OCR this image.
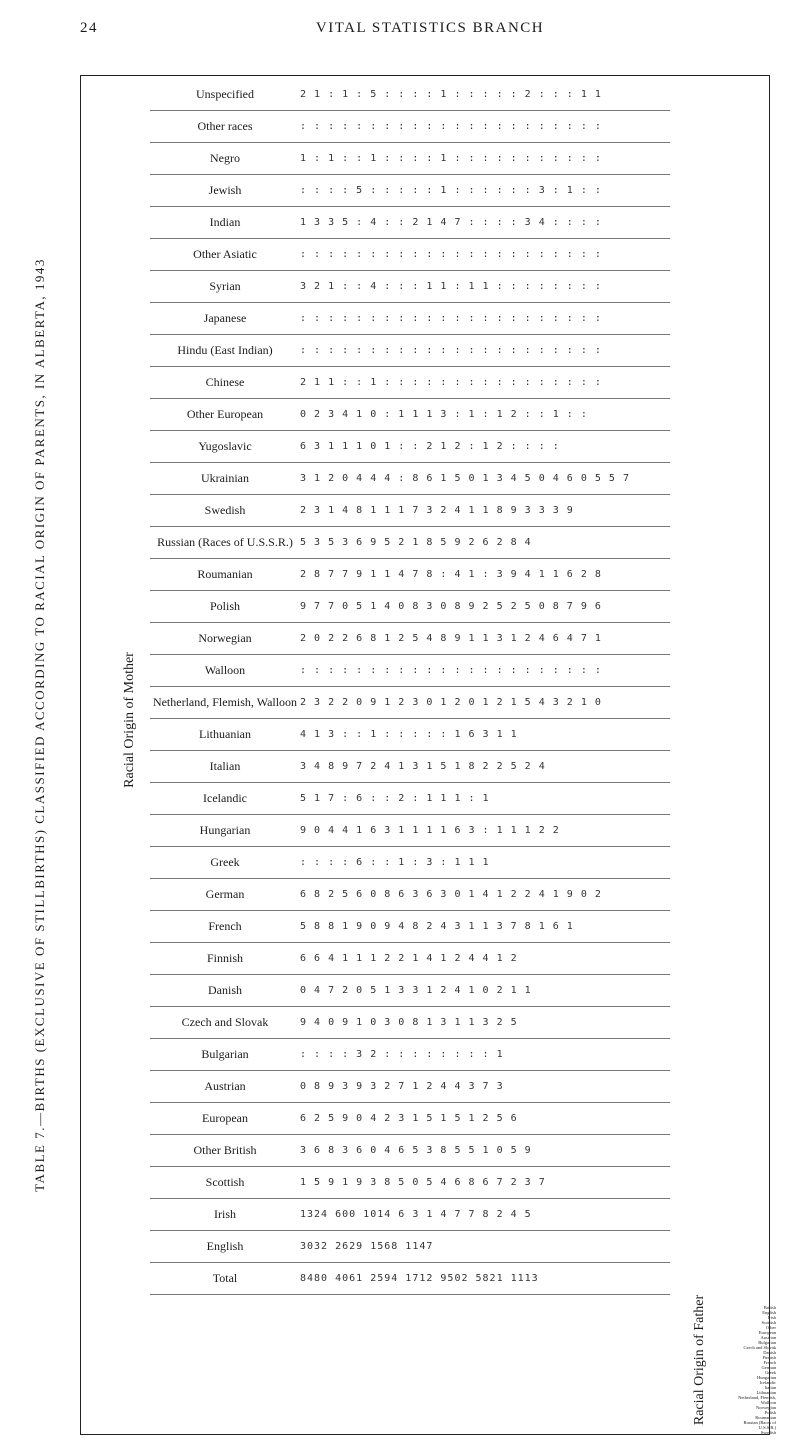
TABLE 7.—BIRTHS (EXCLUSIVE OF STILLBIRTHS) CLASSIFIED ACCORDING TO RACIAL ORIGIN OF PARENTS, IN ALBERTA, 1943
24	VITAL STATISTICS BRANCH
Racial Origin of Mother
Racial Origin of Father
Unspecified	2 1 : 1 : 5 : : : : 1 : : : : : 2 : : : 1 1
Other races	: : : : : : : : : : : : : : : : : : : : : :
Negro	1 : 1 : : 1 : : : : 1 : : : : : : : : : : :
Jewish	: : : : 5 : : : : : 1 : : : : : : 3 : 1 : :
Indian	1 3 3 5 : 4 : : 2 1 4 7 : : : : 3 4 : : : :
Other Asiatic	: : : : : : : : : : : : : : : : : : : : : :
Syrian	3 2 1 : : 4 : : : 1 1 : 1 1 : : : : : : : :
Japanese	: : : : : : : : : : : : : : : : : : : : : :
Hindu (East Indian)	: : : : : : : : : : : : : : : : : : : : : :
Chinese	2 1 1 : : 1 : : : : : : : : : : : : : : : :
Other European	0 2 3 4 1 0 : 1 1 1 3 : 1 : 1 2 : : 1 : :
Yugoslavic	6 3 1 1 1 0 1 : : 2 1 2 : 1 2 : : : :
Ukrainian	3 1 2 0 4 4 4 : 8 6 1 5 0 1 3 4 5 0 4 6 0 5 5 7
Swedish	2 3 1 4 8 1 1 1 7 3 2 4 1 1 8 9 3 3 3 9
Russian (Races of U.S.S.R.) 5 3 5 3 6 9 5 2 1 8 5 9 2 6 2 8 4
Roumanian	2 8 7 7 9 1 1 4 7 8 : 4 1 : 3 9 4 1 1 6 2 8
Polish	9 7 7 0 5 1 4 0 8 3 0 8 9 2 5 2 5 0 8 7 9 6
Norwegian	2 0 2 2 6 8 1 2 5 4 8 9 1 1 3 1 2 4 6 4 7 1
Walloon	: : : : : : : : : : : : : : : : : : : : : :
Netherland, Flemish, Walloon 2 3 2 2 0 9 1 2 3 0 1 2 0 1 2 1 5 4 3 2 1 0
Lithuanian	4 1 3 : : 1 : : : : : 1 6 3 1 1
Italian	3 4 8 9 7 2 4 1 3 1 5 1 8 2 2 5 2 4
Icelandic	5 1 7 : 6 : : 2 : 1 1 1 : 1
Hungarian	9 0 4 4 1 6 3 1 1 1 1 6 3 : 1 1 1 2 2
Greek	: : : : 6 : : 1 : 3 : 1 1 1
German	6 8 2 5 6 0 8 6 3 6 3 0 1 4 1 2 2 4 1 9 0 2
French	5 8 8 1 9 0 9 4 8 2 4 3 1 1 3 7 8 1 6 1
Finnish	6 6 4 1 1 1 2 2 1 4 1 2 4 4 1 2
Danish	0 4 7 2 0 5 1 3 3 1 2 4 1 0 2 1 1
Czech and Slovak	9 4 0 9 1 0 3 0 8 1 3 1 1 3 2 5
Bulgarian	: : : : 3 2 : : : : : : : : 1
Austrian	0 8 9 3 9 3 2 7 1 2 4 4 3 7 3
European	6 2 5 9 0 4 2 3 1 5 1 5 1 2 5 6
Other British	3 6 8 3 6 0 4 6 5 3 8 5 5 1 0 5 9
Scottish	1 5 9 1 9 3 8 5 0 5 4 6 8 6 7 2 3 7
Irish	1324 600 1014 6 3 1 4 7 7 8 2 4 5
English	3032 2629 1568 1147
Total	8480 4061 2594 1712 9502 5821 1113
British
English
Irish
Scottish
Other
European
Austrian
Bulgarian
Czech and Slovak
Danish
Finnish
French
German
Greek
Hungarian
Icelandic
Italian
Lithuanian
Netherland, Flemish,
Walloon
Norwegian
Polish
Roumanian
Russian (Races of
U.S.S.R.)
Swedish
